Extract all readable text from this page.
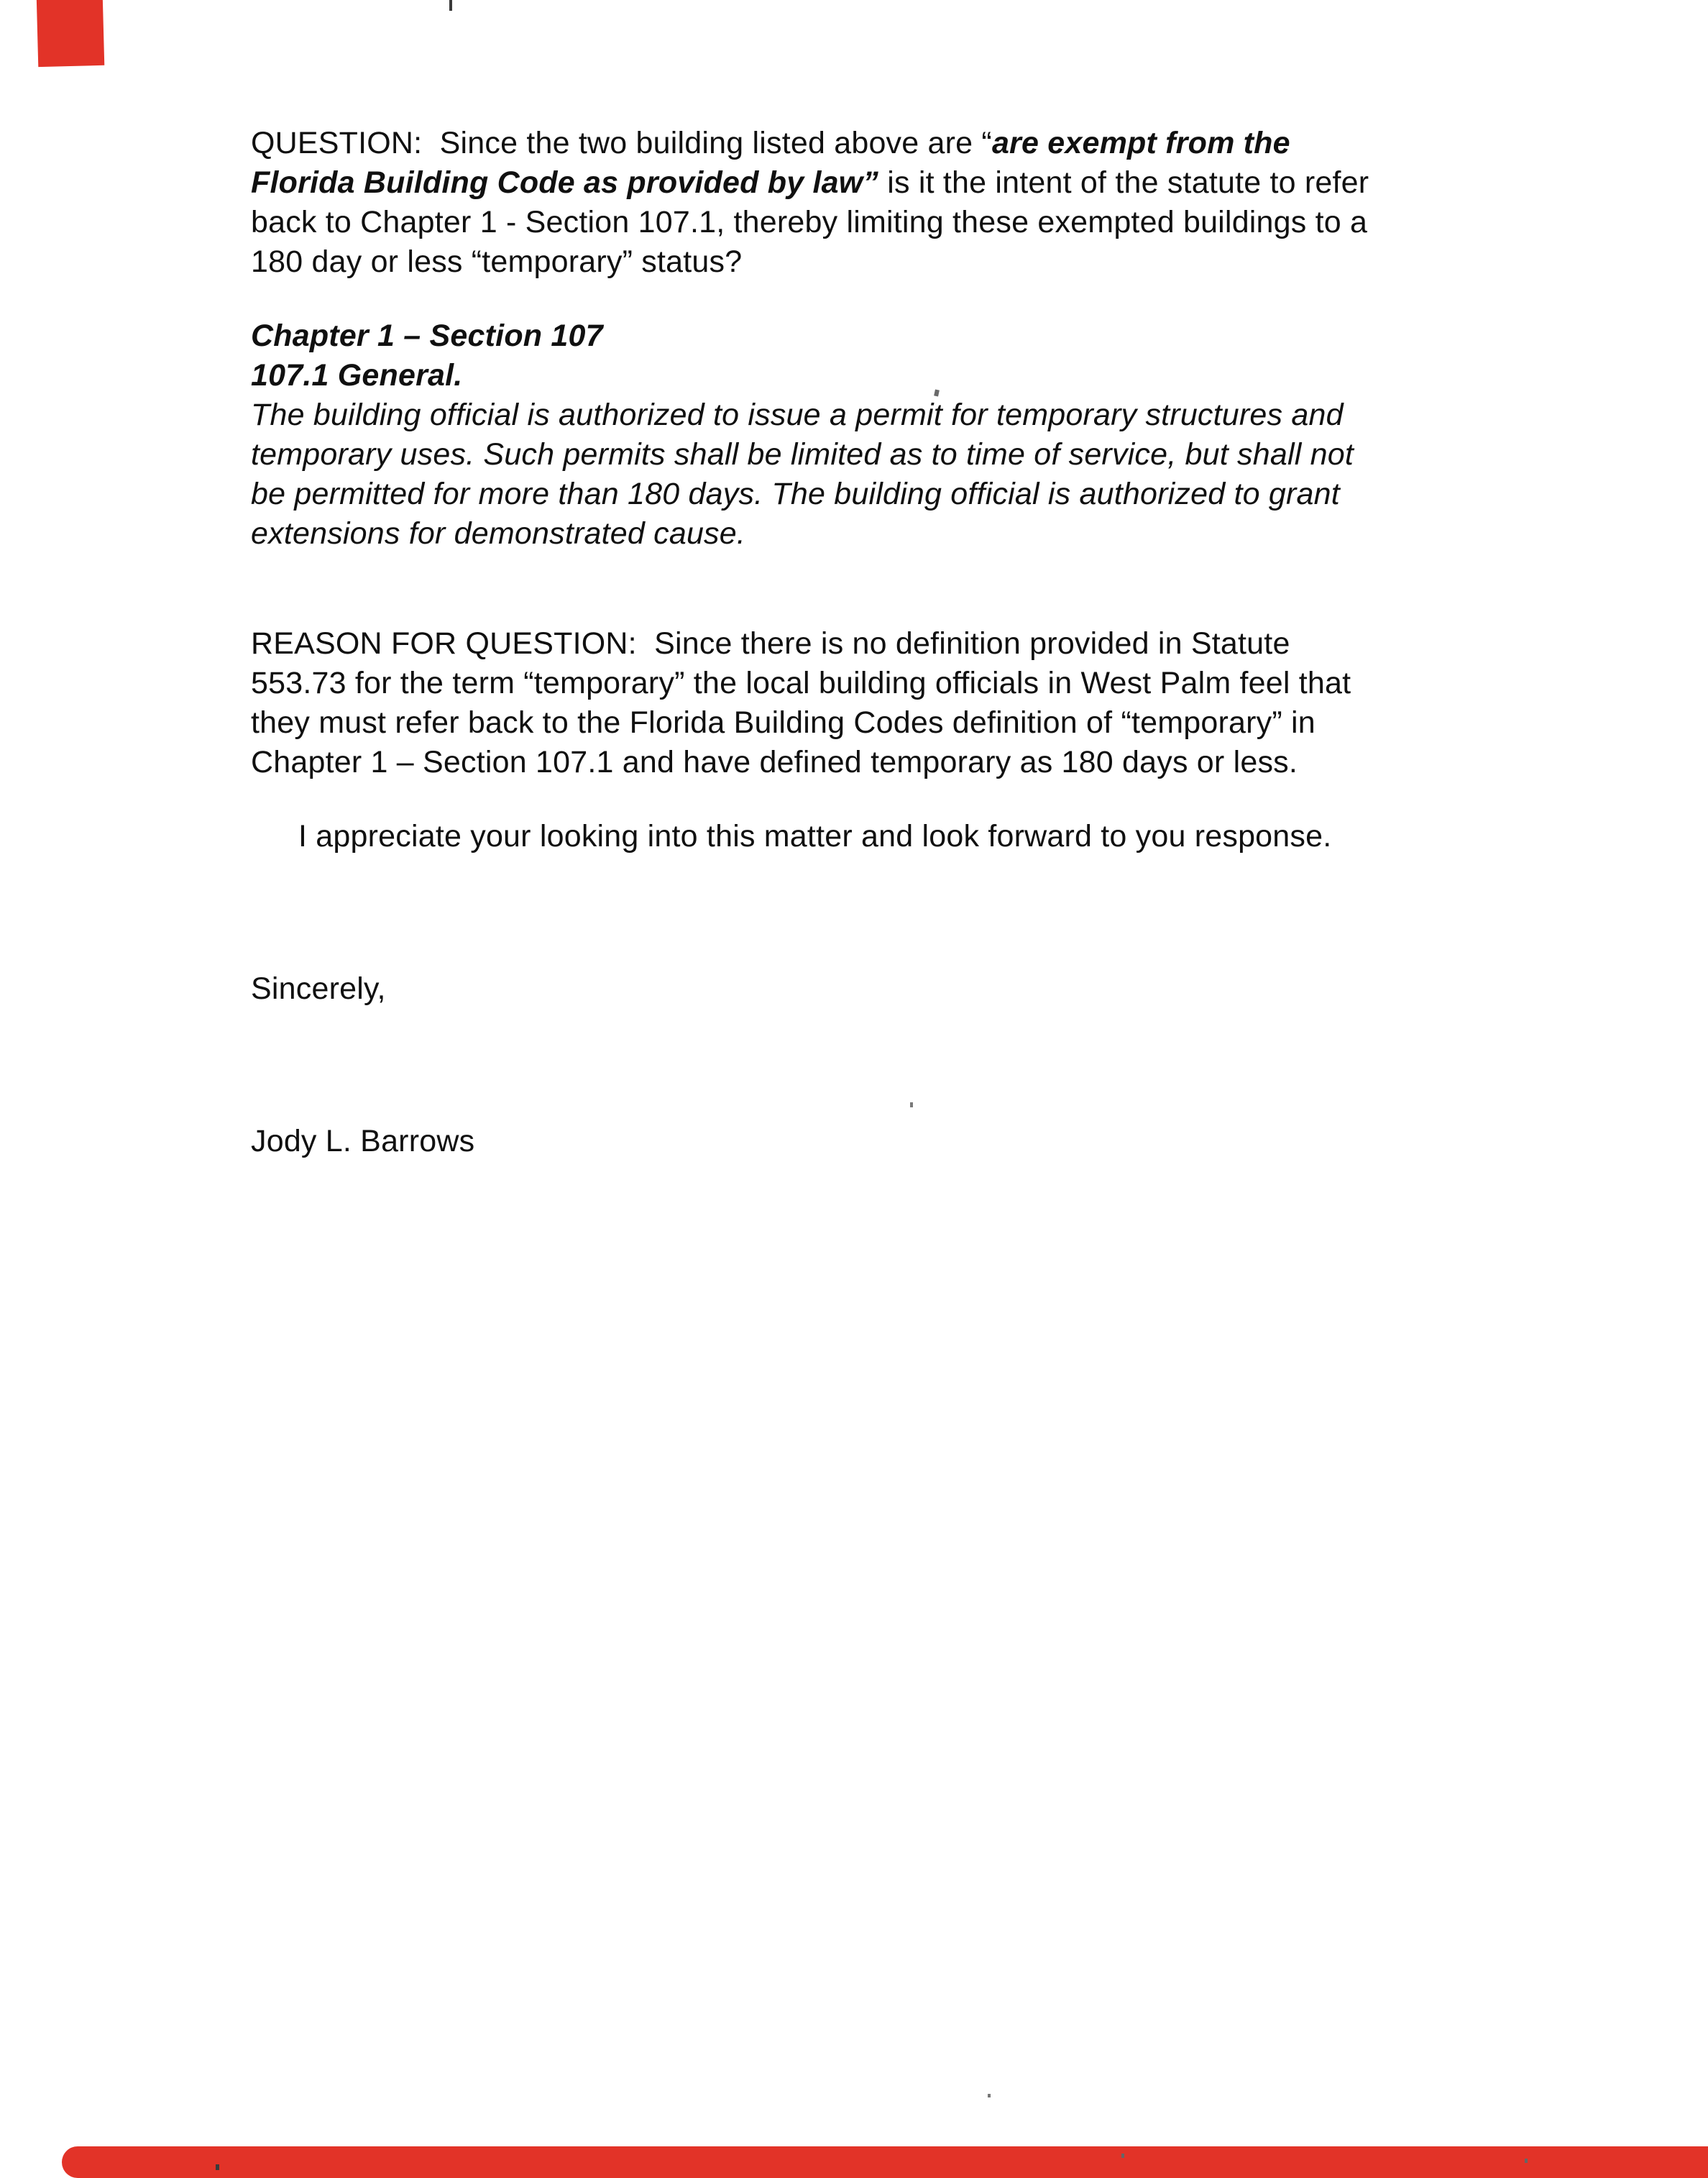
QUESTION:  Since the two building listed above are “are exempt from the
Florida Building Code as provided by law” is it the intent of the statute to refer
back to Chapter 1 - Section 107.1, thereby limiting these exempted buildings to a
180 day or less “temporary” status?
Chapter 1 – Section 107
107.1 General.
The building official is authorized to issue a permit for temporary structures and
temporary uses. Such permits shall be limited as to time of service, but shall not
be permitted for more than 180 days. The building official is authorized to grant
extensions for demonstrated cause.
REASON FOR QUESTION:  Since there is no definition provided in Statute
553.73 for the term “temporary” the local building officials in West Palm feel that
they must refer back to the Florida Building Codes definition of “temporary” in
Chapter 1 – Section 107.1 and have defined temporary as 180 days or less.
I appreciate your looking into this matter and look forward to you response.
Sincerely,
Jody L. Barrows
